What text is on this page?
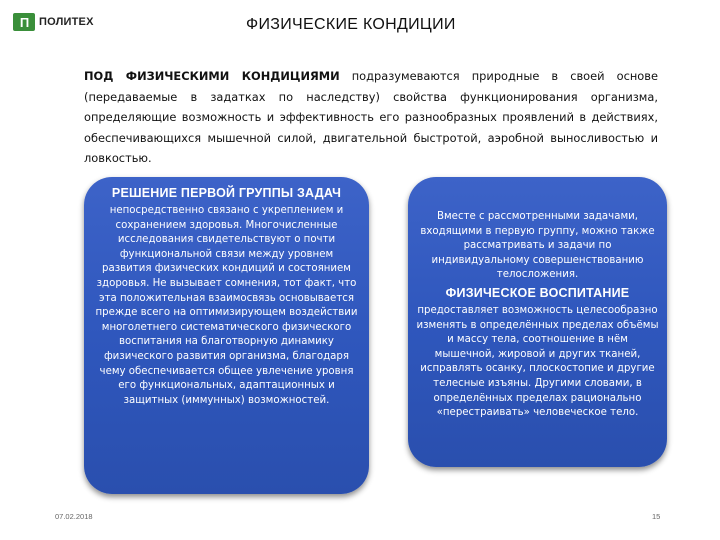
П ПОЛИТЕХ	ФИЗИЧЕСКИЕ КОНДИЦИИ
ПОД ФИЗИЧЕСКИМИ КОНДИЦИЯМИ подразумеваются природные в своей основе (передаваемые в задатках по наследству) свойства функционирования организма, определяющие возможность и эффективность его разнообразных проявлений в действиях, обеспечивающихся мышечной силой, двигательной быстротой, аэробной выносливостью и ловкостью.
РЕШЕНИЕ ПЕРВОЙ ГРУППЫ ЗАДАЧ
непосредственно связано с укреплением и сохранением здоровья. Многочисленные исследования свидетельствуют о почти функциональной связи между уровнем развития физических кондиций и состоянием здоровья. Не вызывает сомнения, тот факт, что эта положительная взаимосвязь основывается прежде всего на оптимизирующем воздействии многолетнего систематического физического воспитания на благотворную динамику физического развития организма, благодаря чему обеспечивается общее увлечение уровня его функциональных, адаптационных и защитных (иммунных) возможностей.
Вместе с рассмотренными задачами, входящими в первую группу, можно также рассматривать и задачи по индивидуальному совершенствованию телосложения.
ФИЗИЧЕСКОЕ ВОСПИТАНИЕ
предоставляет возможность целесообразно изменять в определённых пределах объёмы и массу тела, соотношение в нём мышечной, жировой и других тканей, исправлять осанку, плоскостопие и другие телесные изъяны. Другими словами, в определённых пределах рационально «перестраивать» человеческое тело.
07.02.2018	15
